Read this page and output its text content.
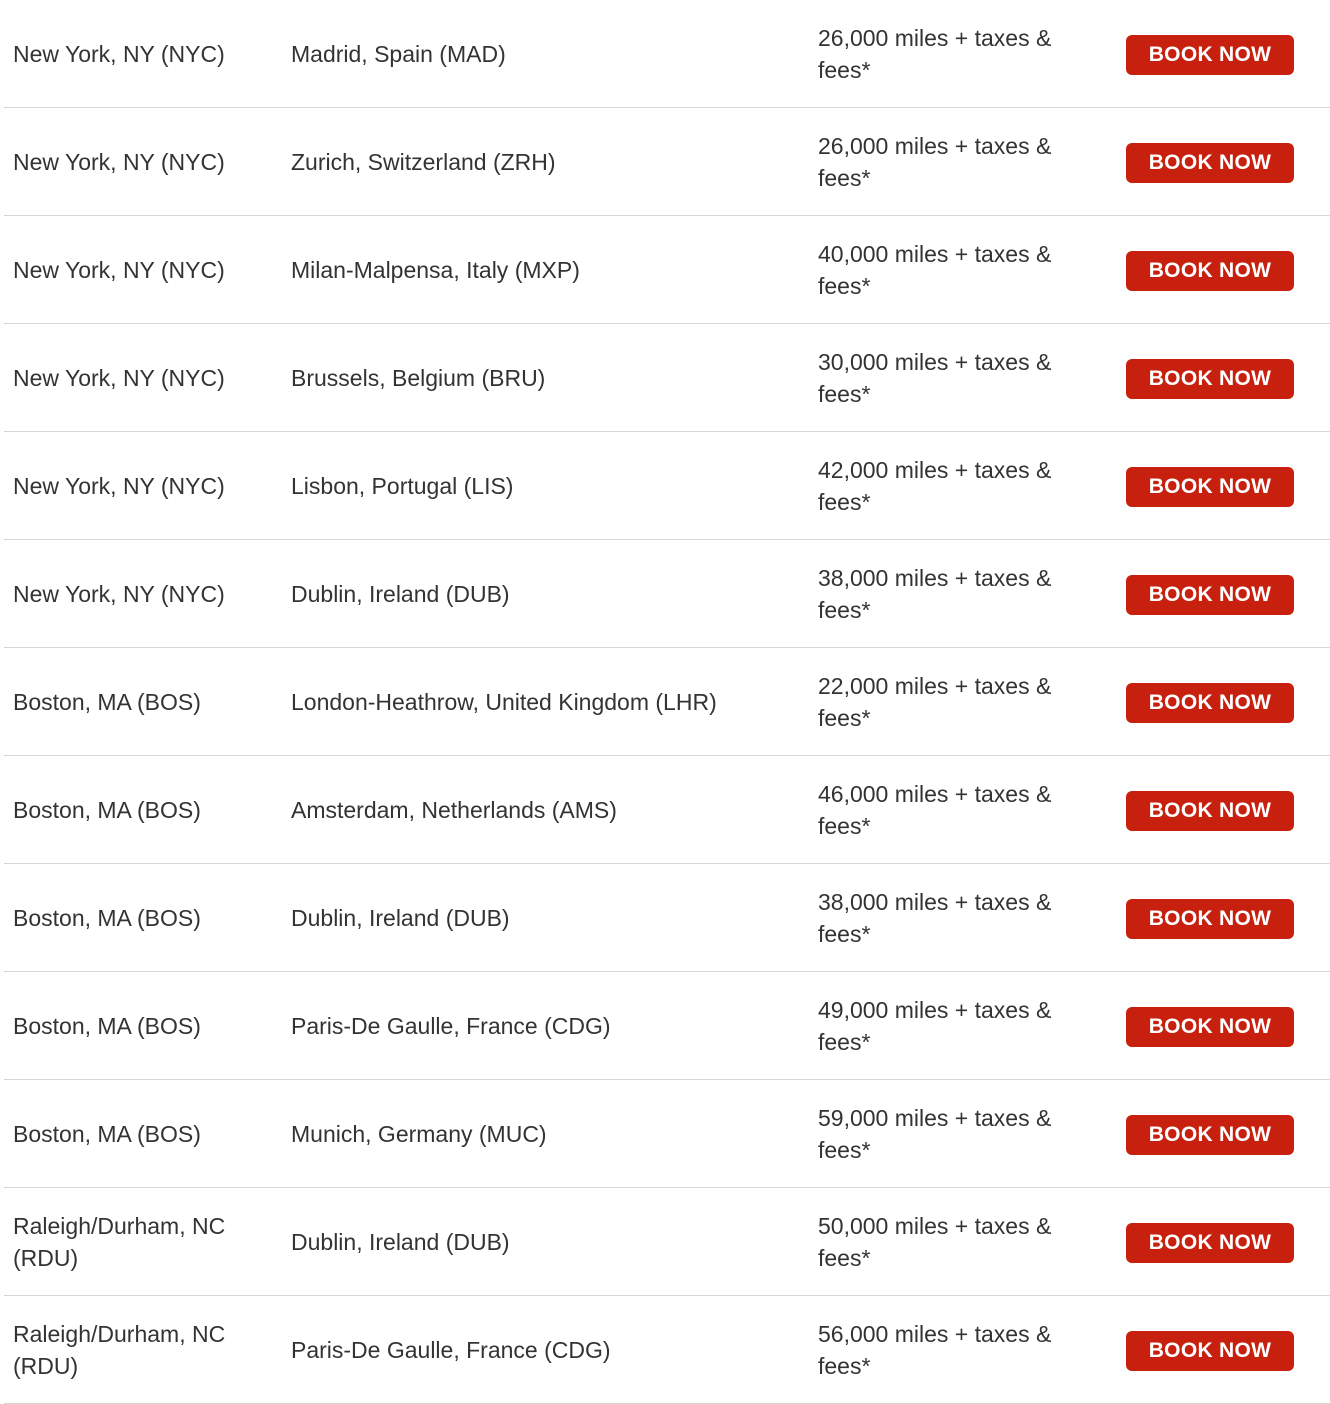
New York, NY (NYC)	Madrid, Spain (MAD)
26,000 miles + taxes & fees*
BOOK NOW
New York, NY (NYC)	Zurich, Switzerland (ZRH)
26,000 miles + taxes & fees*
BOOK NOW
New York, NY (NYC)	Milan-Malpensa, Italy (MXP)
40,000 miles + taxes & fees*
BOOK NOW
New York, NY (NYC)	Brussels, Belgium (BRU)
30,000 miles + taxes & fees*
BOOK NOW
New York, NY (NYC)	Lisbon, Portugal (LIS)
42,000 miles + taxes & fees*
BOOK NOW
New York, NY (NYC)	Dublin, Ireland (DUB)
38,000 miles + taxes & fees*
BOOK NOW
Boston, MA (BOS)	London-Heathrow, United Kingdom (LHR)
22,000 miles + taxes & fees*
BOOK NOW
Boston, MA (BOS)	Amsterdam, Netherlands (AMS)
46,000 miles + taxes & fees*
BOOK NOW
Boston, MA (BOS)	Dublin, Ireland (DUB)
38,000 miles + taxes & fees*
BOOK NOW
Boston, MA (BOS)	Paris-De Gaulle, France (CDG)
49,000 miles + taxes & fees*
BOOK NOW
Boston, MA (BOS)	Munich, Germany (MUC)
59,000 miles + taxes & fees*
BOOK NOW
Raleigh/Durham, NC (RDU)
Dublin, Ireland (DUB)
50,000 miles + taxes & fees*
BOOK NOW
Raleigh/Durham, NC (RDU)
Paris-De Gaulle, France (CDG)
56,000 miles + taxes & fees*
BOOK NOW
